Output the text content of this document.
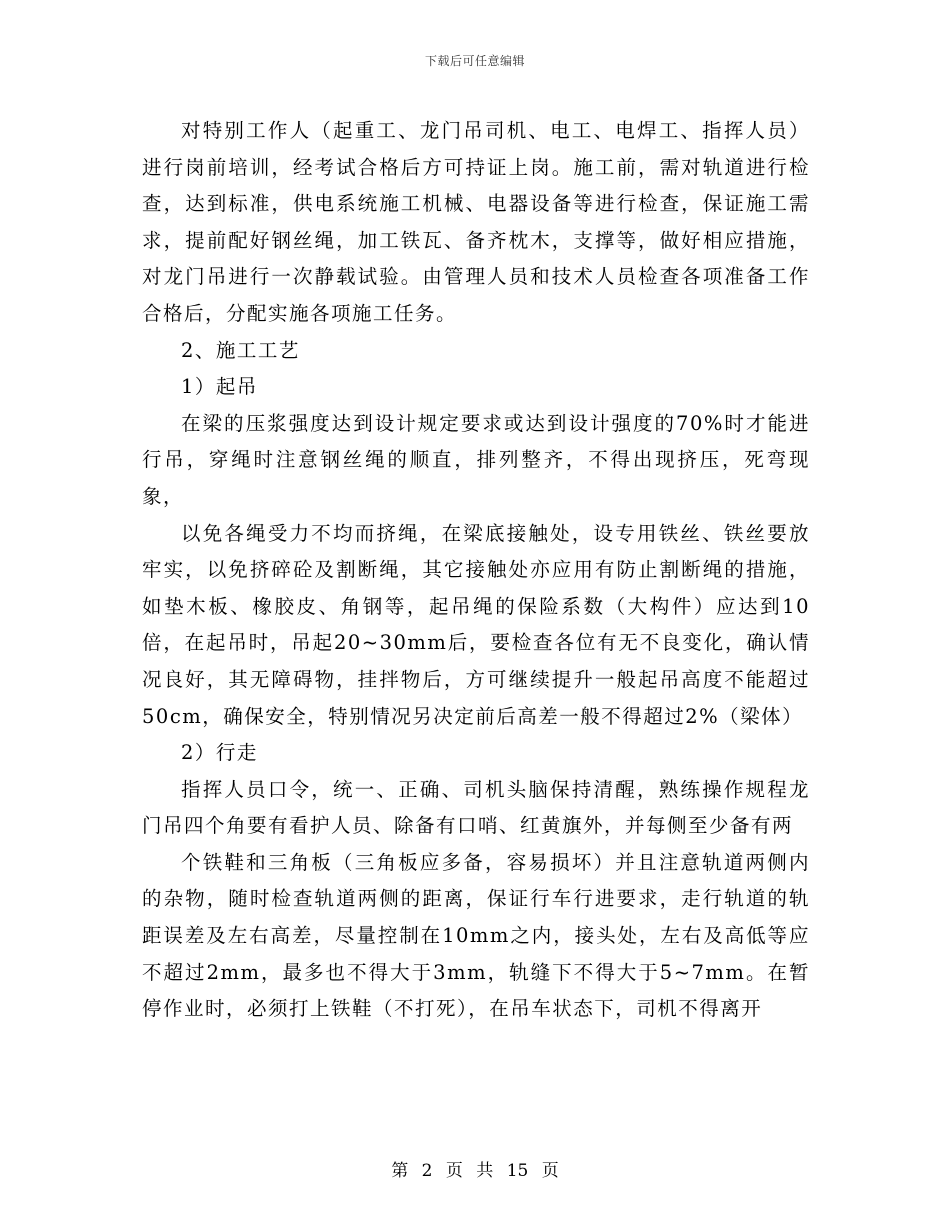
下载后可任意编辑

对特别工作人（起重工、龙门吊司机、电工、电焊工、指挥人员）进行岗前培训，经考试合格后方可持证上岗。施工前，需对轨道进行检查，达到标准，供电系统施工机械、电器设备等进行检查，保证施工需求，提前配好钢丝绳，加工铁瓦、备齐枕木，支撑等，做好相应措施，对龙门吊进行一次静载试验。由管理人员和技术人员检查各项准备工作合格后，分配实施各项施工任务。

2、施工工艺

1）起吊

在梁的压浆强度达到设计规定要求或达到设计强度的70%时才能进行吊，穿绳时注意钢丝绳的顺直，排列整齐，不得出现挤压，死弯现象，

以免各绳受力不均而挤绳，在梁底接触处，设专用铁丝、铁丝要放牢实，以免挤碎砼及割断绳，其它接触处亦应用有防止割断绳的措施，如垫木板、橡胶皮、角钢等，起吊绳的保险系数（大构件）应达到10倍，在起吊时，吊起20~30mm后，要检查各位有无不良变化，确认情况良好，其无障碍物，挂拌物后，方可继续提升一般起吊高度不能超过50cm，确保安全，特别情况另决定前后高差一般不得超过2%（梁体）

2）行走

指挥人员口令，统一、正确、司机头脑保持清醒，熟练操作规程龙门吊四个角要有看护人员、除备有口哨、红黄旗外，并每侧至少备有两

个铁鞋和三角板（三角板应多备，容易损坏）并且注意轨道两侧内的杂物，随时检查轨道两侧的距离，保证行车行进要求，走行轨道的轨距误差及左右高差，尽量控制在10mm之内，接头处，左右及高低等应不超过2mm，最多也不得大于3mm，轨缝下不得大于5~7mm。在暂停作业时，必须打上铁鞋（不打死），在吊车状态下，司机不得离开

第 2 页 共 15 页
